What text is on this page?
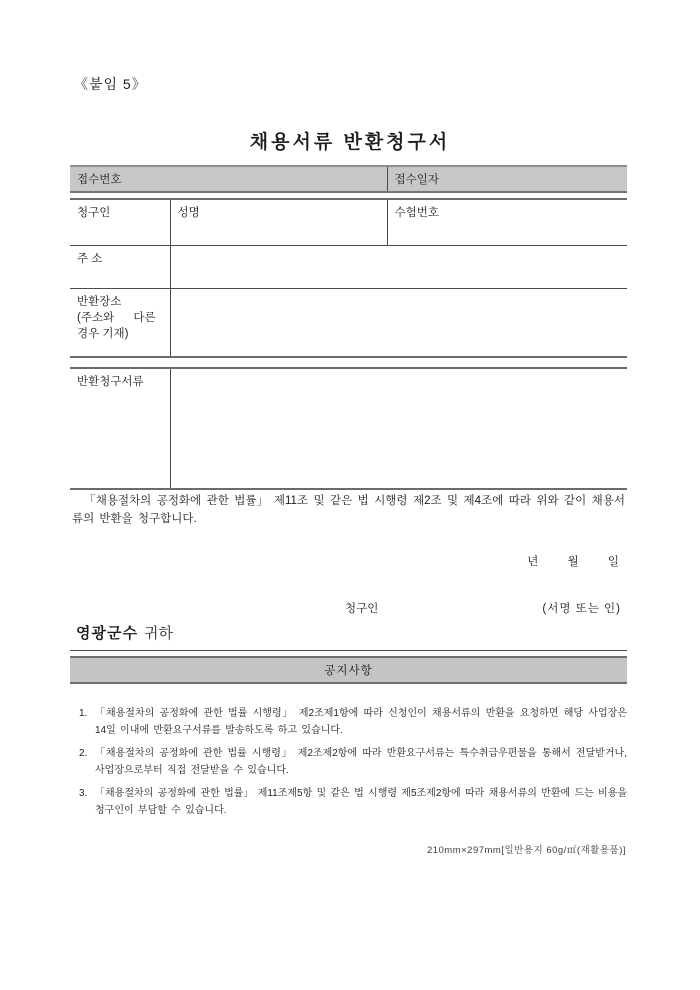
《붙임 5》
채용서류 반환청구서
접수번호	접수일자
청구인	성명	수험번호
주 소		

반환장소
(주소와 다른
경우 기재)		

반환청구서류	

「채용절차의 공정화에 관한 법률」 제11조 및 같은 법 시행령 제2조 및 제4조에 따라 위와 같이 채용서류의 반환을 청구합니다.

년	월	일
청구인	(서명 또는 인)
영광군수 귀하
공지사항
1. 「채용절차의 공정화에 관한 법률 시행령」 제2조제1항에 따라 신청인이 채용서류의 반환을 요청하면 해당 사업장은 14일 이내에 반환요구서류를 발송하도록 하고 있습니다.
2. 「채용절차의 공정화에 관한 법률 시행령」 제2조제2항에 따라 반환요구서류는 특수취급우편물을 통해서 전달받거나, 사업장으로부터 직접 전달받을 수 있습니다.
3. 「채용절차의 공정화에 관한 법률」 제11조제5항 및 같은 법 시행령 제5조제2항에 따라 채용서류의 반환에 드는 비용을 청구인이 부담할 수 있습니다.
210mm×297mm[일반용지 60g/㎡(재활용품)]
